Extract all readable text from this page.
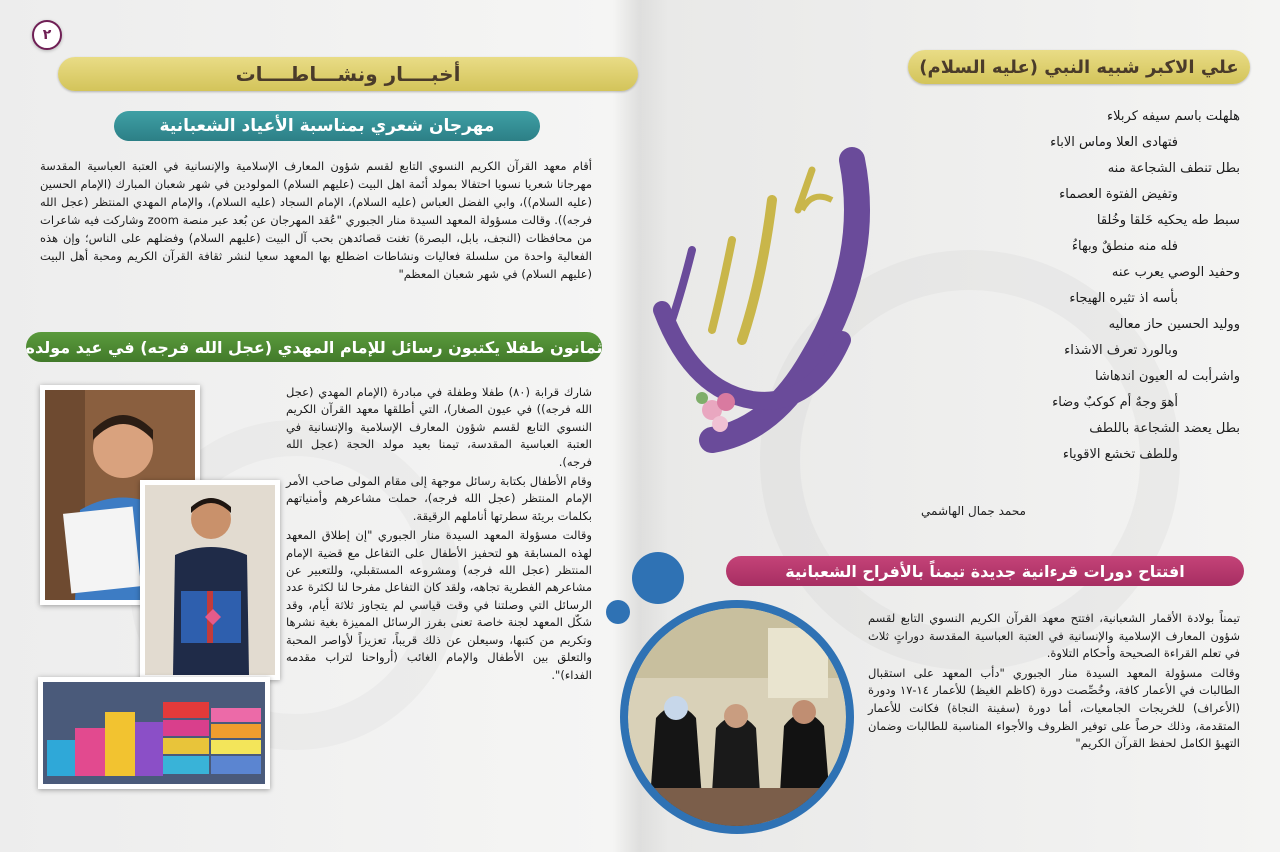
٢
أخبــــار ونشـــاطــــات
مهرجان شعري بمناسبة الأعياد الشعبانية
أقام معهد القرآن الكريم النسوي التابع لقسم شؤون المعارف الإسلامية والإنسانية في العتبة العباسية المقدسة مهرجانا شعريا نسويا احتفالا بمولد أئمة اهل البيت (عليهم السلام) المولودين في شهر شعبان المبارك (الإمام الحسين (عليه السلام))، وابي الفضل العباس (عليه السلام)، الإمام السجاد (عليه السلام)، والإمام المهدي المنتظر (عجل الله فرجه)). وقالت مسؤولة المعهد السيدة منار الجبوري "عُقد المهرجان عن بُعد عبر منصة zoom وشاركت فيه شاعرات من محافظات (النجف، بابل، البصرة) تغنت قصائدهن بحب آل البيت (عليهم السلام) وفضلهم على الناس؛ وإن هذه الفعالية واحدة من سلسلة فعاليات ونشاطات اضطلع بها المعهد سعيا لنشر ثقافة القرآن الكريم ومحبة أهل البيت (عليهم السلام) في شهر شعبان المعظم"
ثمانون طفلا يكتبون رسائل للإمام المهدي (عجل الله فرجه) في عيد مولده

شارك قرابة (٨٠) طفلا وطفلة في مبادرة (الإمام المهدي (عجل الله فرجه)) في عيون الصغار)، التي أطلقها معهد القرآن الكريم النسوي التابع لقسم شؤون المعارف الإسلامية والإنسانية في العتبة العباسية المقدسة، تيمنا بعيد مولد الحجة (عجل الله فرجه).

وقام الأطفال بكتابة رسائل موجهة إلى مقام المولى صاحب الأمر الإمام المنتظر (عجل الله فرجه)، حملت مشاعرهم وأمنياتهم بكلمات بريئة سطرتها أناملهم الرقيقة.

وقالت مسؤولة المعهد السيدة منار الجبوري "إن إطلاق المعهد لهذه المسابقة هو لتحفيز الأطفال على التفاعل مع قضية الإمام المنتظر (عجل الله فرجه) ومشروعه المستقبلي، وللتعبير عن مشاعرهم الفطرية تجاهه، ولقد كان التفاعل مفرحا لنا لكثرة عدد الرسائل التي وصلتنا في وقت قياسي لم يتجاوز ثلاثة أيام، وقد شكّل المعهد لجنة خاصة تعنى بفرز الرسائل المميزة بغية نشرها وتكريم من كتبها، وسيعلن عن ذلك قريباً، تعزيزاً لأواصر المحبة والتعلق بين الأطفال والإمام الغائب (أرواحنا لتراب مقدمه الفداء)".

علي الاكبر شبيه النبي (عليه السلام)
هلهلت باسم سيفه كربلاء
فتهادى العلا وماس الاباء
بطل تنطف الشجاعة منه
وتفيض الفتوة العصماء
سبط طه يحكيه خَلقا وخُلقا
فله منه منطقٌ وبهاءُ
وحفيد الوصي يعرب عنه
بأسه اذ تثيره الهيجاء
ووليد الحسين حاز معاليه
وبالورد تعرف الاشذاء
واشرأبت له العيون اندهاشا
أهوَ وجهٌ أم كوكبٌ وضاء
بطل يعضد الشجاعة باللطف
وللطف تخشع الاقوياء
محمد جمال الهاشمي
علي الأكبر
افتتاح دورات قرءانية جديدة تيمناً بالأفراح الشعبانية

تيمناً بولادة الأقمار الشعبانية، افتتح معهد القرآن الكريم النسوي التابع لقسم شؤون المعارف الإسلامية والإنسانية في العتبة العباسية المقدسة دوراتٍ ثلاث في تعلم القراءة الصحيحة وأحكام التلاوة.

وقالت مسؤولة المعهد السيدة منار الجبوري "دأب المعهد على استقبال الطالبات في الأعمار كافة، وخُصِّصت دورة (كاظم الغيظ) للأعمار ١٤-١٧ ودورة (الأعراف) للخريجات الجامعيات، أما دورة (سفينة النجاة) فكانت للأعمار المتقدمة، وذلك حرصاً على توفير الظروف والأجواء المناسبة للطالبات وضمان التهيؤ الكامل لحفظ القرآن الكريم"
